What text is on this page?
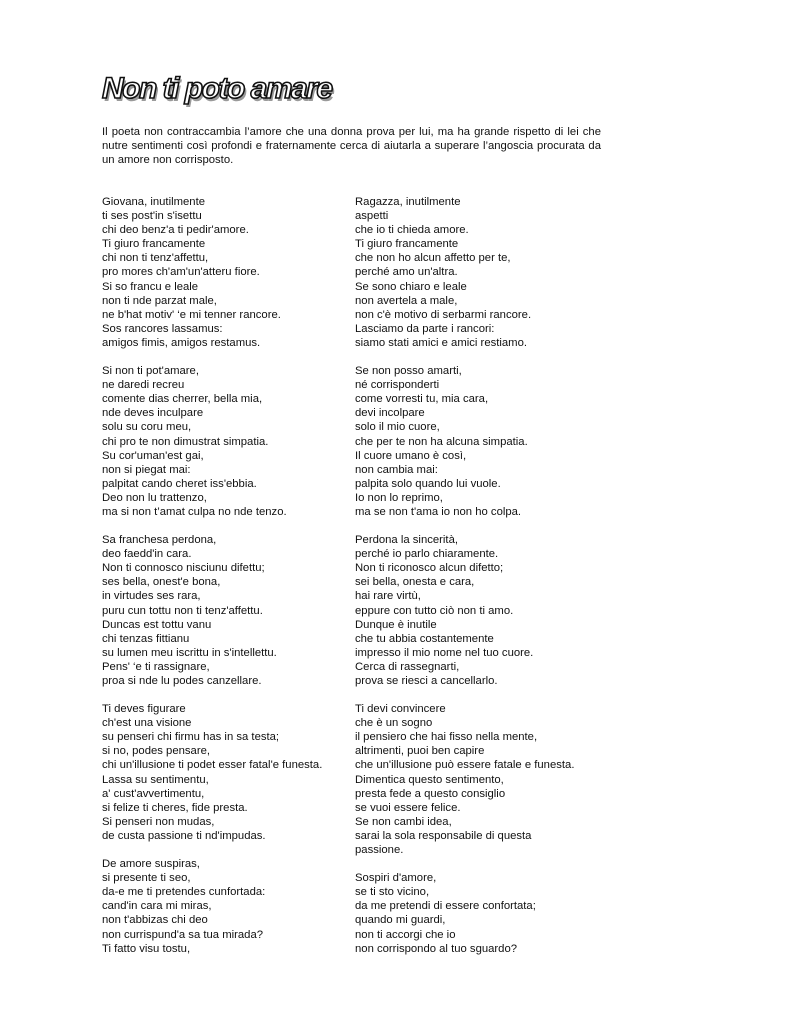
Non ti poto amare

Il poeta non contraccambia l’amore che una donna prova per lui, ma ha grande rispetto di lei che nutre sentimenti così profondi e fraternamente cerca di aiutarla a superare l’angoscia procurata da un amore non corrisposto.

Giovana, inutilmente
ti ses post'in s'isettu
chi deo benz'a ti pedir'amore.
Ti giuro francamente
chi non ti tenz'affettu,
pro mores ch'am'un'atteru fiore.
Si so francu e leale
non ti nde parzat male,
ne b'hat motiv' ‘e mi tenner rancore.
Sos rancores lassamus:
amigos fimis, amigos restamus.
Si non ti pot'amare,
ne daredi recreu
comente dias cherrer, bella mia,
nde deves inculpare
solu su coru meu,
chi pro te non dimustrat simpatia.
Su cor'uman'est gai,
non si piegat mai:
palpitat cando cheret iss'ebbia.
Deo non lu trattenzo,
ma si non t’amat culpa no nde tenzo.
Sa franchesa perdona,
deo faedd'in cara.
Non ti connosco nisciunu difettu;
ses bella, onest'e bona,
in virtudes ses rara,
puru cun tottu non ti tenz'affettu.
Duncas est tottu vanu
chi tenzas fittianu
su lumen meu iscrittu in s'intellettu.
Pens' ‘e ti rassignare,
proa si nde lu podes canzellare.
Ti deves figurare
ch'est una visione
su penseri chi firmu has in sa testa;
si no, podes pensare,
chi un'illusione ti podet esser fatal'e funesta.
Lassa su sentimentu,
a' cust'avvertimentu,
si felize ti cheres, fide presta.
Si penseri non mudas,
de custa passione ti nd'impudas.
De amore suspiras,
si presente ti seo,
da-e me ti pretendes cunfortada:
cand'in cara mi miras,
non t'abbizas chi deo
non currispund'a sa tua mirada?
Ti fatto visu tostu,
Ragazza, inutilmente
aspetti
che io ti chieda amore.
Ti giuro francamente
che non ho alcun affetto per te,
perché amo un'altra.
Se sono chiaro e leale
non avertela a male,
non c'è motivo di serbarmi rancore.
Lasciamo da parte i rancori:
siamo stati amici e amici restiamo.
Se non posso amarti,
né corrisponderti
come vorresti tu, mia cara,
devi incolpare
solo il mio cuore,
che per te non ha alcuna simpatia.
Il cuore umano è così,
non cambia mai:
palpita solo quando lui vuole.
Io non lo reprimo,
ma se non t'ama io non ho colpa.
Perdona la sincerità,
perché io parlo chiaramente.
Non ti riconosco alcun difetto;
sei bella, onesta e cara,
hai rare virtù,
eppure con tutto ciò non ti amo.
Dunque è inutile
che tu abbia costantemente
impresso il mio nome nel tuo cuore.
Cerca di rassegnarti,
prova se riesci a cancellarlo.
Ti devi convincere
che è un sogno
il pensiero che hai fisso nella mente,
altrimenti, puoi ben capire
che un'illusione può essere fatale e funesta.
Dimentica questo sentimento,
presta fede a questo consiglio
se vuoi essere felice.
Se non cambi idea,
sarai la sola responsabile di questa
passione.
Sospiri d'amore,
se ti sto vicino,
da me pretendi di essere confortata;
quando mi guardi,
non ti accorgi che io
non corrispondo al tuo sguardo?
